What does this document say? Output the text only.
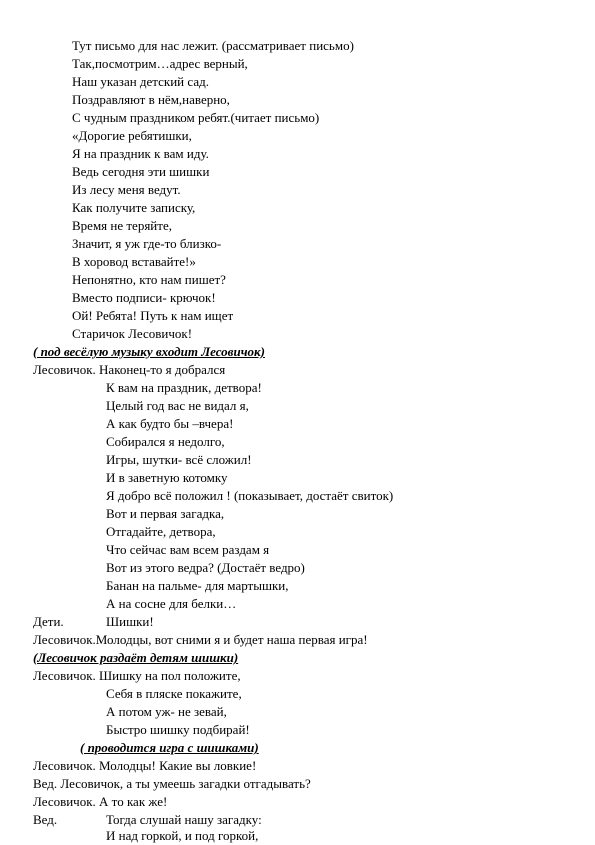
Тут письмо для нас лежит. (рассматривает письмо)
Так,посмотрим…адрес верный,
Наш указан детский сад.
Поздравляют в нём,наверно,
С чудным праздником ребят.(читает письмо)
«Дорогие ребятишки,
Я на праздник к вам иду.
Ведь сегодня эти шишки
Из лесу меня ведут.
Как получите записку,
Время не теряйте,
Значит, я уж где-то близко-
В хоровод вставайте!»
Непонятно, кто нам пишет?
Вместо подписи- крючок!
Ой! Ребята! Путь к нам ищет
Старичок Лесовичок!
( под весёлую музыку входит Лесовичок)
Лесовичок. Наконец-то я добрался
К вам на праздник, детвора!
Целый год вас не видал я,
А как будто бы –вчера!
Собирался я недолго,
Игры, шутки- всё сложил!
И в заветную котомку
Я добро всё положил ! (показывает, достаёт свиток)
Вот и первая загадка,
Отгадайте, детвора,
Что сейчас вам всем раздам я
Вот из этого ведра? (Достаёт ведро)
Банан на пальме- для мартышки,
А на сосне для белки…
Дети.	Шишки!
Лесовичок.Молодцы, вот сними я и будет наша первая игра!
(Лесовичок раздаёт детям шишки)
Лесовичок. Шишку на пол положите,
Себя в пляске покажите,
А потом уж- не зевай,
Быстро шишку подбирай!
( проводится игра с шишками)
Лесовичок. Молодцы! Какие вы ловкие!
Вед. Лесовичок, а ты умеешь загадки отгадывать?
Лесовичок. А то как же!
Вед.	Тогда слушай нашу загадку:
И над горкой, и под горкой,
